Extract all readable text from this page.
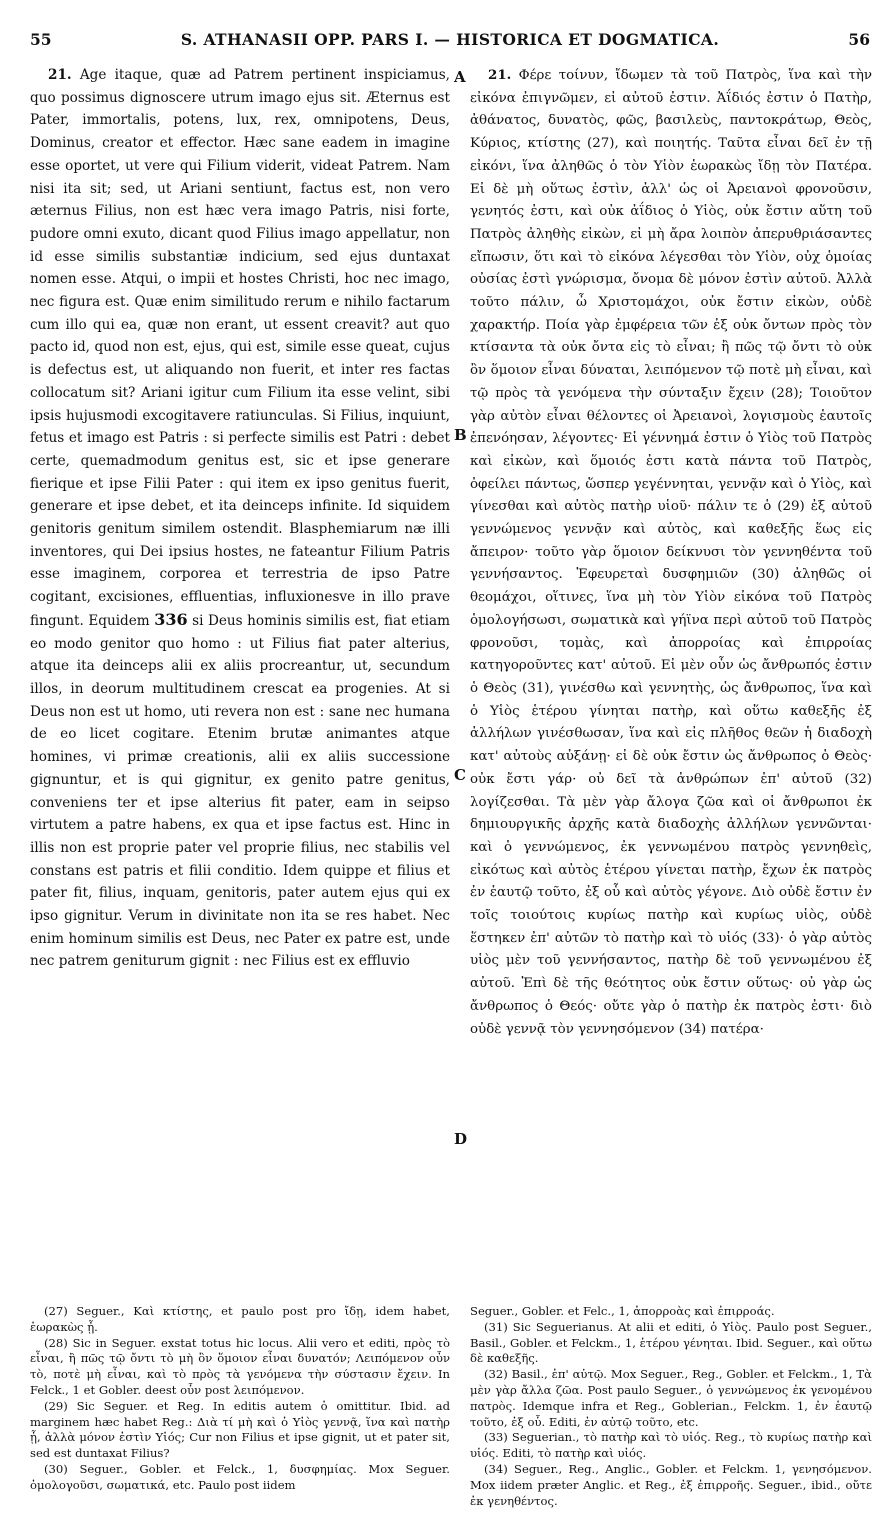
55	S. ATHANASII OPP. PARS I. — HISTORICA ET DOGMATICA.	56

21. Age itaque, quæ ad Patrem pertinent inspiciamus, quo possimus dignoscere utrum imago ejus sit. Æternus est Pater, immortalis, potens, lux, rex, omnipotens, Deus, Dominus, creator et effector. Hæc sane eadem in imagine esse oportet, ut vere qui Filium viderit, videat Patrem. Nam nisi ita sit; sed, ut Ariani sentiunt, factus est, non vero æternus Filius, non est hæc vera imago Patris, nisi forte, pudore omni exuto, dicant quod Filius imago appellatur, non id esse similis substantiæ indicium, sed ejus duntaxat nomen esse. Atqui, o impii et hostes Christi, hoc nec imago, nec figura est. Quæ enim similitudo rerum e nihilo factarum cum illo qui ea, quæ non erant, ut essent creavit? aut quo pacto id, quod non est, ejus, qui est, simile esse queat, cujus is defectus est, ut aliquando non fuerit, et inter res factas collocatum sit? Ariani igitur cum Filium ita esse velint, sibi ipsis hujusmodi excogitavere ratiunculas. Si Filius, inquiunt, fetus et imago est Patris : si perfecte similis est Patri : debet certe, quemadmodum genitus est, sic et ipse generare fierique et ipse Filii Pater : qui item ex ipso genitus fuerit, generare et ipse debet, et ita deinceps infinite. Id siquidem genitoris genitum similem ostendit. Blasphemiarum næ illi inventores, qui Dei ipsius hostes, ne fateantur Filium Patris esse imaginem, corporea et terrestria de ipso Patre cogitant, excisiones, effluentias, influxionesve in illo prave fingunt. Equidem 336 si Deus hominis similis est, fiat etiam eo modo genitor quo homo : ut Filius fiat pater alterius, atque ita deinceps alii ex aliis procreantur, ut, secundum illos, in deorum multitudinem crescat ea progenies. At si Deus non est ut homo, uti revera non est : sane nec humana de eo licet cogitare. Etenim brutæ animantes atque homines, vi primæ creationis, alii ex aliis successione gignuntur, et is qui gignitur, ex genito patre genitus, conveniens ter et ipse alterius fit pater, eam in seipso virtutem a patre habens, ex qua et ipse factus est. Hinc in illis non est proprie pater vel proprie filius, nec stabilis vel constans est patris et filii conditio. Idem quippe et filius et pater fit, filius, inquam, genitoris, pater autem ejus qui ex ipso gignitur. Verum in divinitate non ita se res habet. Nec enim hominum similis est Deus, nec Pater ex patre est, unde nec patrem geniturum gignit : nec Filius est ex effluvio

A
B
C
D

21. Φέρε τοίνυν, ἴδωμεν τὰ τοῦ Πατρὸς, ἵνα καὶ τὴν εἰκόνα ἐπιγνῶμεν, εἰ αὐτοῦ ἐστιν. Ἀΐδιός ἐστιν ὁ Πατὴρ, ἀθάνατος, δυνατὸς, φῶς, βασιλεὺς, παντοκράτωρ, Θεὸς, Κύριος, κτίστης (27), καὶ ποιητής. Ταῦτα εἶναι δεῖ ἐν τῇ εἰκόνι, ἵνα ἀληθῶς ὁ τὸν Υἱὸν ἑωρακὼς ἴδῃ τὸν Πατέρα. Εἰ δὲ μὴ οὕτως ἐστὶν, ἀλλ' ὡς οἱ Ἀρειανοὶ φρονοῦσιν, γενητός ἐστι, καὶ οὐκ ἀΐδιος ὁ Υἱὸς, οὐκ ἔστιν αὕτη τοῦ Πατρὸς ἀληθὴς εἰκὼν, εἰ μὴ ἄρα λοιπὸν ἀπερυθριάσαντες εἴπωσιν, ὅτι καὶ τὸ εἰκόνα λέγεσθαι τὸν Υἱὸν, οὐχ ὁμοίας οὐσίας ἐστὶ γνώρισμα, ὄνομα δὲ μόνον ἐστὶν αὐτοῦ. Ἀλλὰ τοῦτο πάλιν, ὦ Χριστομάχοι, οὐκ ἔστιν εἰκὼν, οὐδὲ χαρακτήρ. Ποία γὰρ ἐμφέρεια τῶν ἐξ οὐκ ὄντων πρὸς τὸν κτίσαντα τὰ οὐκ ὄντα εἰς τὸ εἶναι; ἢ πῶς τῷ ὄντι τὸ οὐκ ὂν ὅμοιον εἶναι δύναται, λειπόμενον τῷ ποτὲ μὴ εἶναι, καὶ τῷ πρὸς τὰ γενόμενα τὴν σύνταξιν ἔχειν (28); Τοιοῦτον γὰρ αὐτὸν εἶναι θέλοντες οἱ Ἀρειανοὶ, λογισμοὺς ἑαυτοῖς ἐπενόησαν, λέγοντες· Εἰ γέννημά ἐστιν ὁ Υἱὸς τοῦ Πατρὸς καὶ εἰκὼν, καὶ ὅμοιός ἐστι κατὰ πάντα τοῦ Πατρὸς, ὀφείλει πάντως, ὥσπερ γεγέννηται, γεννᾷν καὶ ὁ Υἱὸς, καὶ γίνεσθαι καὶ αὐτὸς πατὴρ υἱοῦ· πάλιν τε ὁ (29) ἐξ αὐτοῦ γεννώμενος γεννᾷν καὶ αὐτὸς, καὶ καθεξῆς ἕως εἰς ἄπειρον· τοῦτο γὰρ ὅμοιον δείκνυσι τὸν γεννηθέντα τοῦ γεννήσαντος. Ἐφευρεταὶ δυσφημιῶν (30) ἀληθῶς οἱ θεομάχοι, οἵτινες, ἵνα μὴ τὸν Υἱὸν εἰκόνα τοῦ Πατρὸς ὁμολογήσωσι, σωματικὰ καὶ γήϊνα περὶ αὐτοῦ τοῦ Πατρὸς φρονοῦσι, τομὰς, καὶ ἀπορροίας καὶ ἐπιρροίας κατηγοροῦντες κατ' αὐτοῦ. Εἰ μὲν οὖν ὡς ἄνθρωπός ἐστιν ὁ Θεὸς (31), γινέσθω καὶ γεννητὴς, ὡς ἄνθρωπος, ἵνα καὶ ὁ Υἱὸς ἑτέρου γίνηται πατὴρ, καὶ οὕτω καθεξῆς ἐξ ἀλλήλων γινέσθωσαν, ἵνα καὶ εἰς πλῆθος θεῶν ἡ διαδοχὴ κατ' αὐτοὺς αὐξάνῃ· εἰ δὲ οὐκ ἔστιν ὡς ἄνθρωπος ὁ Θεὸς· οὐκ ἔστι γάρ· οὐ δεῖ τὰ ἀνθρώπων ἐπ' αὐτοῦ (32) λογίζεσθαι. Τὰ μὲν γὰρ ἄλογα ζῶα καὶ οἱ ἄνθρωποι ἐκ δημιουργικῆς ἀρχῆς κατὰ διαδοχὴς ἀλλήλων γεννῶνται· καὶ ὁ γεννώμενος, ἐκ γεννωμένου πατρὸς γεννηθεὶς, εἰκότως καὶ αὐτὸς ἑτέρου γίνεται πατὴρ, ἔχων ἐκ πατρὸς ἐν ἑαυτῷ τοῦτο, ἐξ οὗ καὶ αὐτὸς γέγονε. Διὸ οὐδὲ ἔστιν ἐν τοῖς τοιούτοις κυρίως πατὴρ καὶ κυρίως υἱὸς, οὐδὲ ἕστηκεν ἐπ' αὐτῶν τὸ πατὴρ καὶ τὸ υἱός (33)· ὁ γὰρ αὐτὸς υἱὸς μὲν τοῦ γεννήσαντος, πατὴρ δὲ τοῦ γεννωμένου ἐξ αὐτοῦ. Ἐπὶ δὲ τῆς θεότητος οὐκ ἔστιν οὕτως· οὐ γὰρ ὡς ἄνθρωπος ὁ Θεός· οὔτε γὰρ ὁ πατὴρ ἐκ πατρὸς ἐστι· διὸ οὐδὲ γεννᾷ τὸν γεννησόμενον (34) πατέρα·

(27) Seguer., Καὶ κτίστης, et paulo post pro ἴδῃ, idem habet, ἑωρακὼς ᾖ.

(28) Sic in Seguer. exstat totus hic locus. Alii vero et editi, πρὸς τὸ εἶναι, ἢ πῶς τῷ ὄντι τὸ μὴ ὂν ὅμοιον εἶναι δυνατόν; Λειπόμενον οὖν τὸ, ποτὲ μὴ εἶναι, καὶ τὸ πρὸς τὰ γενόμενα τὴν σύστασιν ἔχειν. In Felck., 1 et Gobler. deest οὖν post λειπόμενον.

(29) Sic Seguer. et Reg. In editis autem ὁ omittitur. Ibid. ad marginem hæc habet Reg.: Διὰ τί μὴ καὶ ὁ Υἱὸς γεννᾷ, ἵνα καὶ πατὴρ ᾖ, ἀλλὰ μόνον ἐστὶν Υἱός; Cur non Filius et ipse gignit, ut et pater sit, sed est duntaxat Filius?

(30) Seguer., Gobler. et Felck., 1, δυσφημίας. Mox Seguer. ὁμολογοῦσι, σωματικά, etc. Paulo post iidem

Seguer., Gobler. et Felc., 1, ἀπορροὰς καὶ ἐπιρροάς.

(31) Sic Seguerianus. At alii et editi, ὁ Υἱὸς. Paulo post Seguer., Basil., Gobler. et Felckm., 1, ἑτέρου γένηται. Ibid. Seguer., καὶ οὕτω δὲ καθεξῆς.

(32) Basil., ἐπ' αὐτῷ. Mox Seguer., Reg., Gobler. et Felckm., 1, Τὰ μὲν γὰρ ἄλλα ζῶα. Post paulo Seguer., ὁ γεννώμενος ἐκ γενομένου πατρὸς. Idemque infra et Reg., Goblerian., Felckm. 1, ἐν ἑαυτῷ τοῦτο, ἐξ οὗ. Editi, ἐν αὐτῷ τοῦτο, etc.

(33) Seguerian., τὸ πατὴρ καὶ τὸ υἱός. Reg., τὸ κυρίως πατὴρ καὶ υἱός. Editi, τὸ πατὴρ καὶ υἱός.

(34) Seguer., Reg., Anglic., Gobler. et Felckm. 1, γενησόμενον. Mox iidem præter Anglic. et Reg., ἐξ ἐπιρροῆς. Seguer., ibid., οὔτε ἐκ γενηθέντος.
